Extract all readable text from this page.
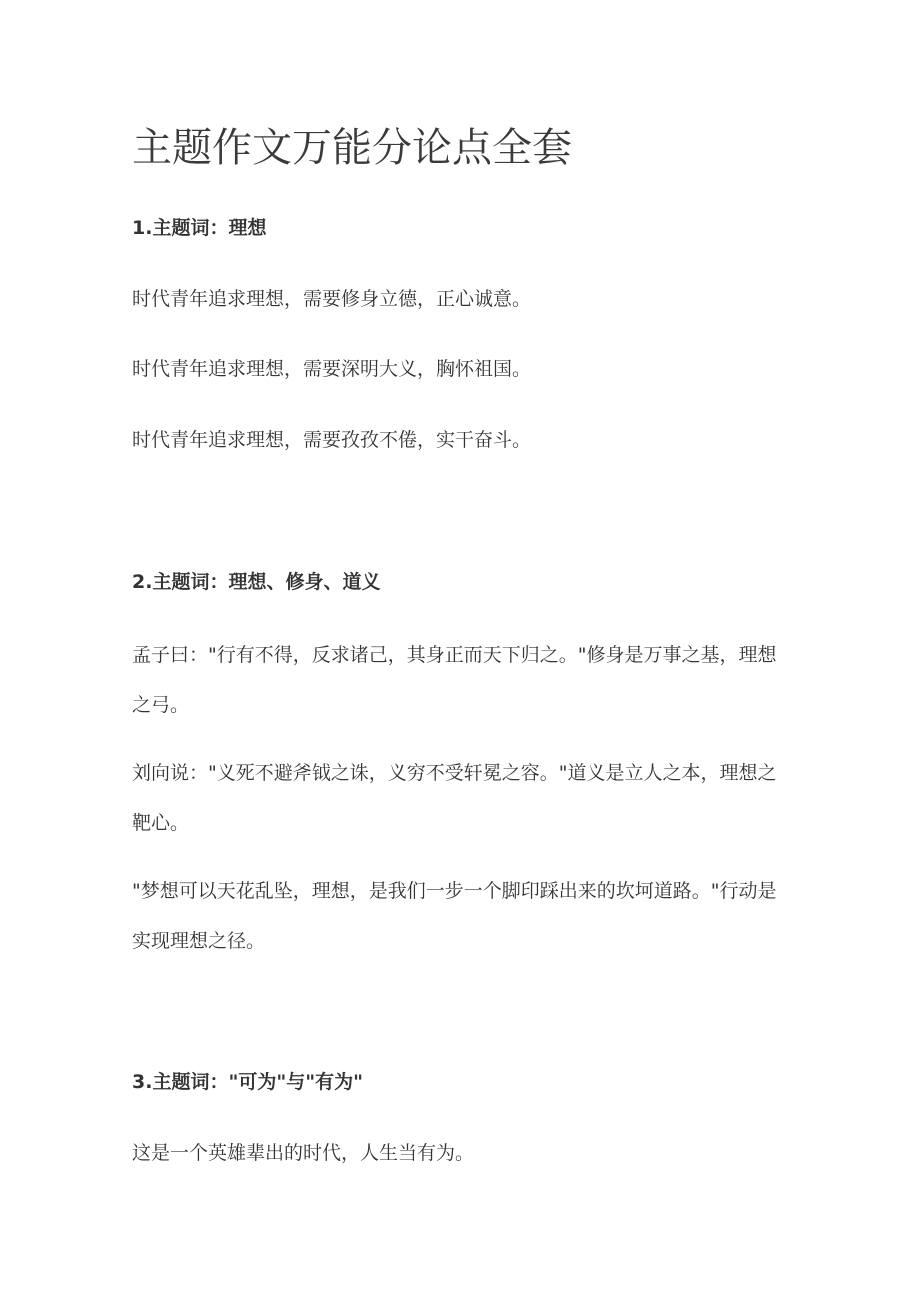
主题作文万能分论点全套
1.主题词：理想

时代青年追求理想，需要修身立德，正心诚意。

时代青年追求理想，需要深明大义，胸怀祖国。

时代青年追求理想，需要孜孜不倦，实干奋斗。

2.主题词：理想、修身、道义

孟子曰："行有不得，反求诸己，其身正而天下归之。"修身是万事之基，理想之弓。

刘向说："义死不避斧钺之诛，义穷不受轩冕之容。"道义是立人之本，理想之靶心。

"梦想可以天花乱坠，理想，是我们一步一个脚印踩出来的坎坷道路。"行动是实现理想之径。

3.主题词："可为"与"有为"

这是一个英雄辈出的时代，人生当有为。
